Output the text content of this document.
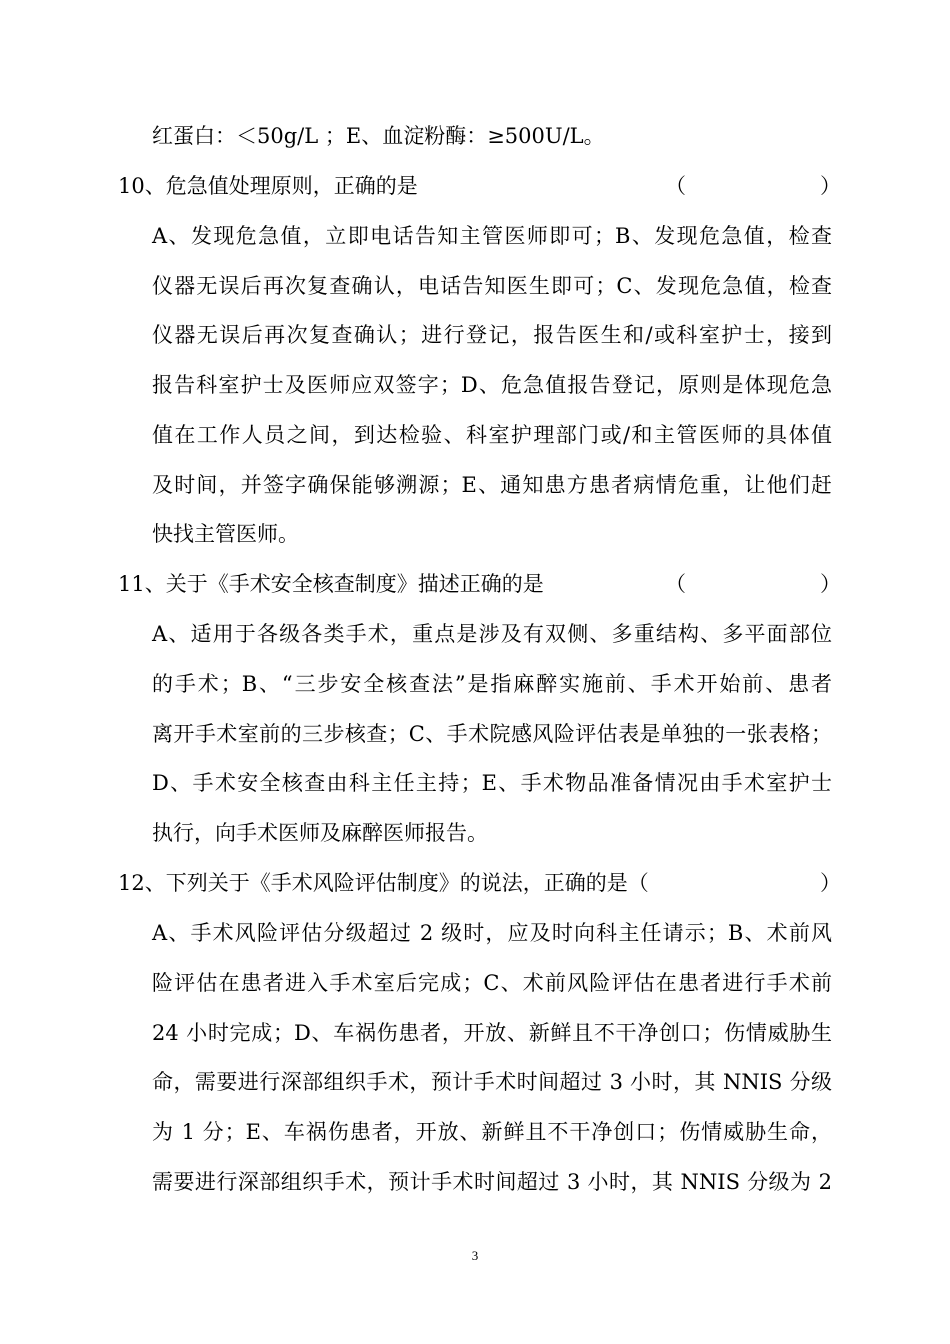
红蛋白：＜50g/L ；E、血淀粉酶：≥500U/L。
10、危急值处理原则，正确的是	（	）
A、发现危急值，立即电话告知主管医师即可；B、发现危急值，检查
仪器无误后再次复查确认，电话告知医生即可；C、发现危急值，检查
仪器无误后再次复查确认；进行登记，报告医生和/或科室护士，接到
报告科室护士及医师应双签字；D、危急值报告登记，原则是体现危急
值在工作人员之间，到达检验、科室护理部门或/和主管医师的具体值
及时间，并签字确保能够溯源；E、通知患方患者病情危重，让他们赶
快找主管医师。
11、关于《手术安全核查制度》描述正确的是	（	）
A、适用于各级各类手术，重点是涉及有双侧、多重结构、多平面部位
的手术；B、“三步安全核查法”是指麻醉实施前、手术开始前、患者
离开手术室前的三步核查；C、手术院感风险评估表是单独的一张表格；
D、手术安全核查由科主任主持；E、手术物品准备情况由手术室护士
执行，向手术医师及麻醉医师报告。
12、下列关于《手术风险评估制度》的说法，正确的是（	）
A、手术风险评估分级超过 2 级时，应及时向科主任请示；B、术前风
险评估在患者进入手术室后完成；C、术前风险评估在患者进行手术前
24 小时完成；D、车祸伤患者，开放、新鲜且不干净创口；伤情威胁生
命，需要进行深部组织手术，预计手术时间超过 3 小时，其 NNIS 分级
为 1 分；E、车祸伤患者，开放、新鲜且不干净创口；伤情威胁生命，
需要进行深部组织手术，预计手术时间超过 3 小时，其 NNIS 分级为 2
3
